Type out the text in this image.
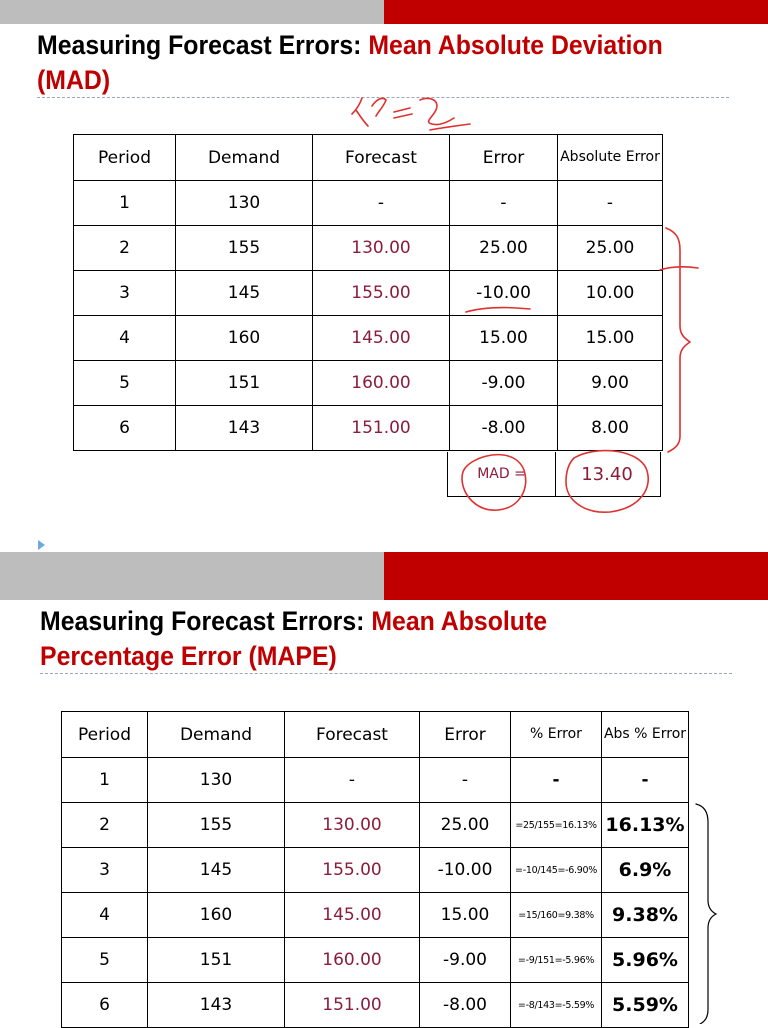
Measuring Forecast Errors: Mean Absolute Deviation (MAD)
Period	Demand	Forecast	Error	Absolute Error
1	130	-	-	-
2	155	130.00	25.00	25.00
3	145	155.00	-10.00	10.00
4	160	145.00	15.00	15.00
5	151	160.00	-9.00	9.00
6	143	151.00	-8.00	8.00
MAD =	13.40
Measuring Forecast Errors: Mean Absolute Percentage Error (MAPE)
Period	Demand	Forecast	Error	% Error	Abs % Error
1	130	-	-	-	-
2	155	130.00	25.00	=25/155=16.13%	16.13%
3	145	155.00	-10.00	=-10/145=-6.90%	6.9%
4	160	145.00	15.00	=15/160=9.38%	9.38%
5	151	160.00	-9.00	=-9/151=-5.96%	5.96%
6	143	151.00	-8.00	=-8/143=-5.59%	5.59%
